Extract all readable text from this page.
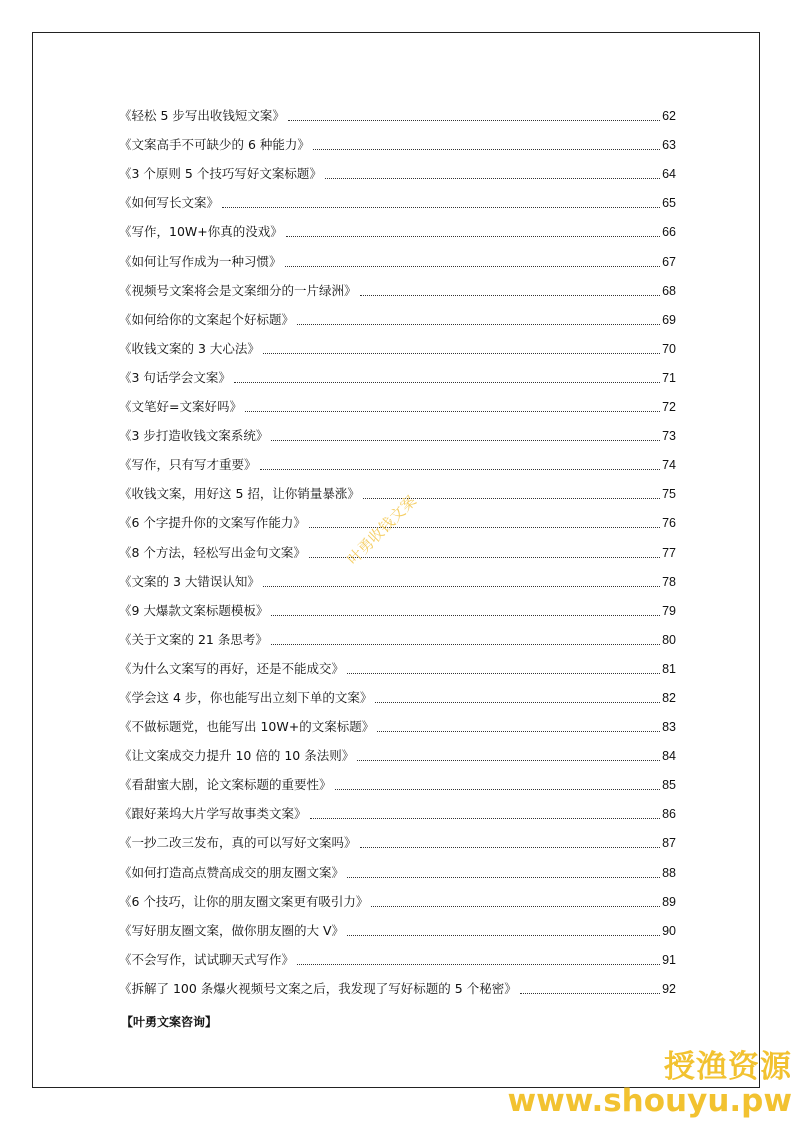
《轻松 5 步写出收钱短文案》	62
《文案高手不可缺少的 6 种能力》	63
《3 个原则 5 个技巧写好文案标题》	64
《如何写长文案》	65
《写作，10W+你真的没戏》	66
《如何让写作成为一种习惯》	67
《视频号文案将会是文案细分的一片绿洲》	68
《如何给你的文案起个好标题》	69
《收钱文案的 3 大心法》	70
《3 句话学会文案》	71
《文笔好=文案好吗》	72
《3 步打造收钱文案系统》	73
《写作，只有写才重要》	74
《收钱文案，用好这 5 招，让你销量暴涨》	75
《6 个字提升你的文案写作能力》	76
《8 个方法，轻松写出金句文案》	77
《文案的 3 大错误认知》	78
《9 大爆款文案标题模板》	79
《关于文案的 21 条思考》	80
《为什么文案写的再好，还是不能成交》	81
《学会这 4 步，你也能写出立刻下单的文案》	82
《不做标题党，也能写出 10W+的文案标题》	83
《让文案成交力提升 10 倍的 10 条法则》	84
《看甜蜜大剧，论文案标题的重要性》	85
《跟好莱坞大片学写故事类文案》	86
《一抄二改三发布，真的可以写好文案吗》	87
《如何打造高点赞高成交的朋友圈文案》	88
《6 个技巧，让你的朋友圈文案更有吸引力》	89
《写好朋友圈文案，做你朋友圈的大 V》	90
《不会写作，试试聊天式写作》	91
《拆解了 100 条爆火视频号文案之后，我发现了写好标题的 5 个秘密》	92
【叶勇文案咨询】
叶勇收钱文案
授渔资源
www.shouyu.pw
